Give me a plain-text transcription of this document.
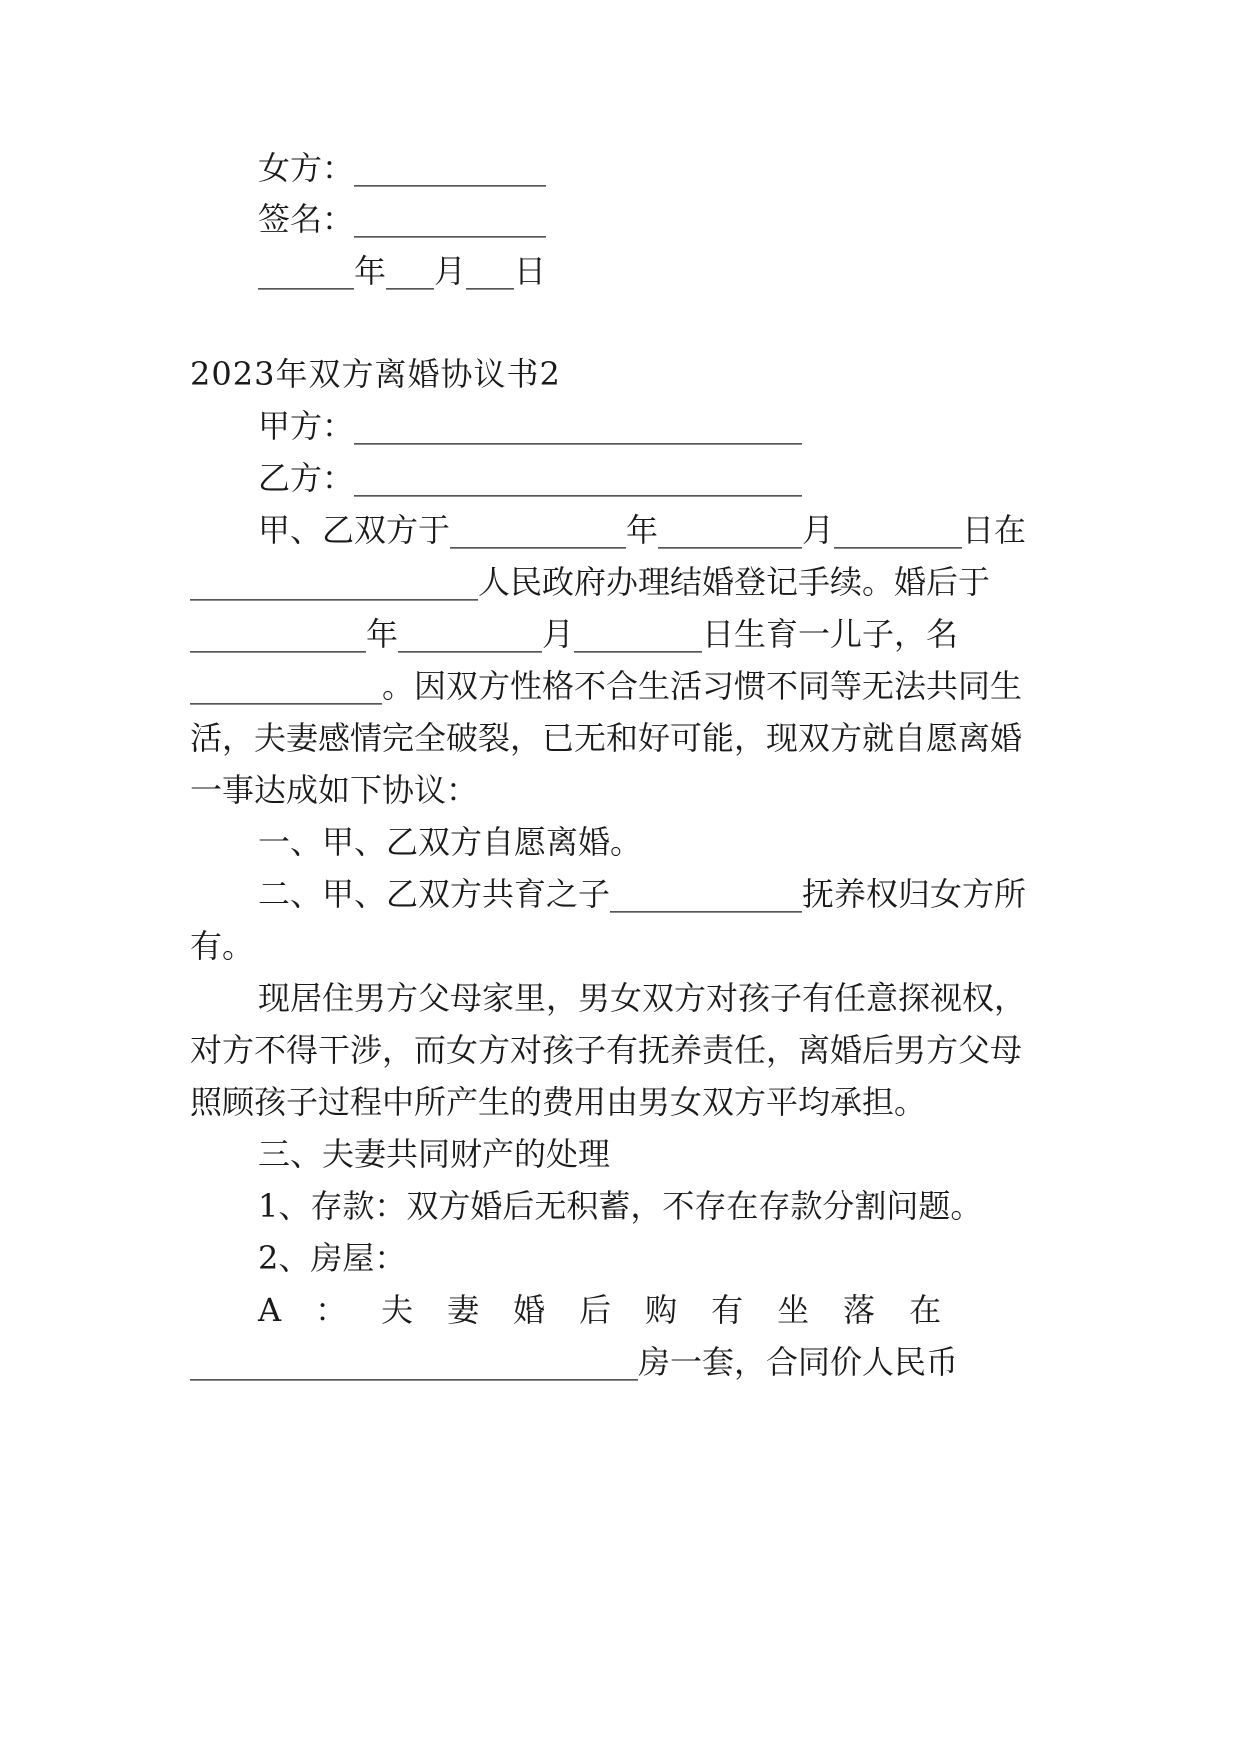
女方：____________
签名：____________
______年___月___日
2023年双方离婚协议书2
甲方：____________________________
乙方：____________________________
甲、乙双方于___________年_________月________日在
__________________人民政府办理结婚登记手续。婚后于
___________年_________月________日生育一儿子，名
____________。因双方性格不合生活习惯不同等无法共同生
活，夫妻感情完全破裂，已无和好可能，现双方就自愿离婚
一事达成如下协议：
一、甲、乙双方自愿离婚。
二、甲、乙双方共育之子____________抚养权归女方所
有。
现居住男方父母家里，男女双方对孩子有任意探视权，
对方不得干涉，而女方对孩子有抚养责任，离婚后男方父母
照顾孩子过程中所产生的费用由男女双方平均承担。
三、夫妻共同财产的处理
1、存款：双方婚后无积蓄，不存在存款分割问题。
2、房屋：
A：夫妻婚后购有坐落在
____________________________房一套，合同价人民币
